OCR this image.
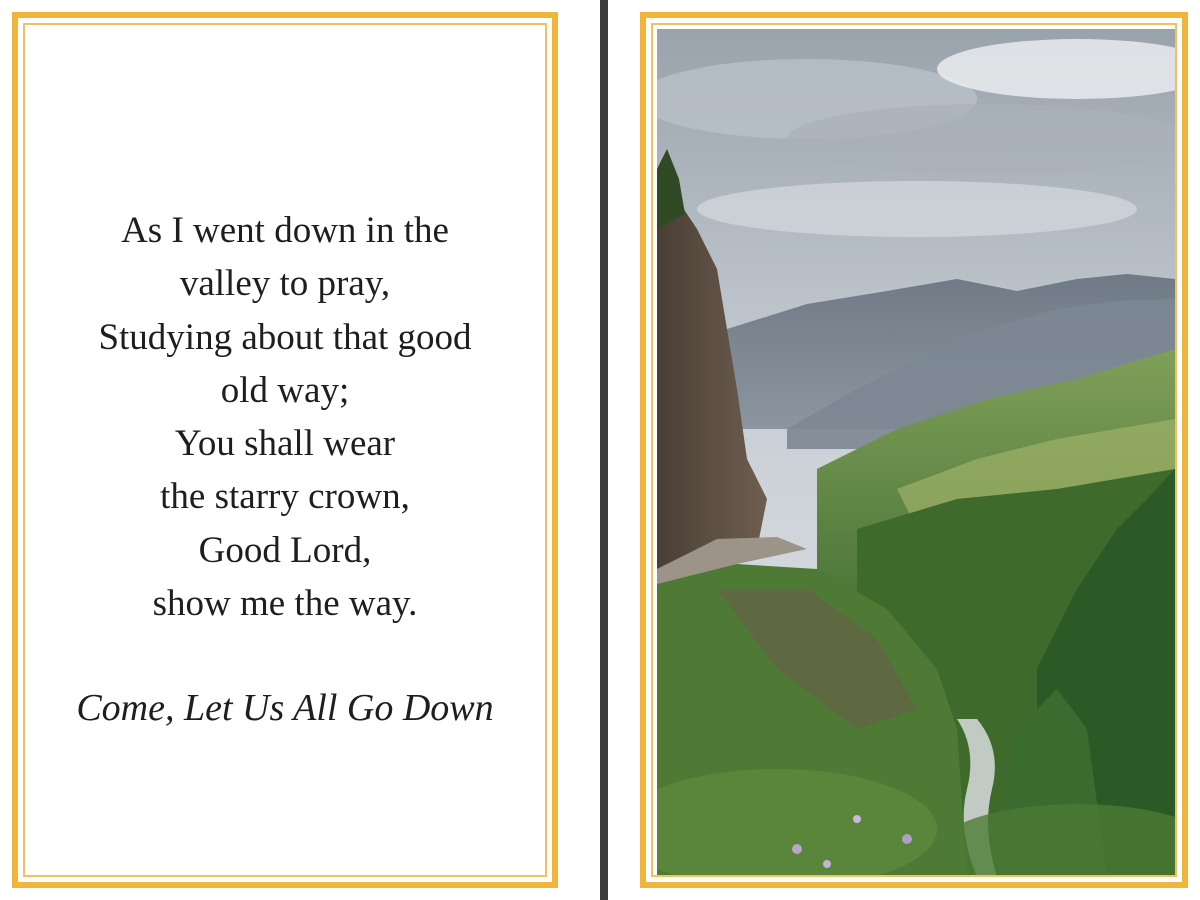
As I went down in the
valley to pray,
Studying about that good
old way;
You shall wear
the starry crown,
Good Lord,
show me the way.
Come, Let Us All Go Down
